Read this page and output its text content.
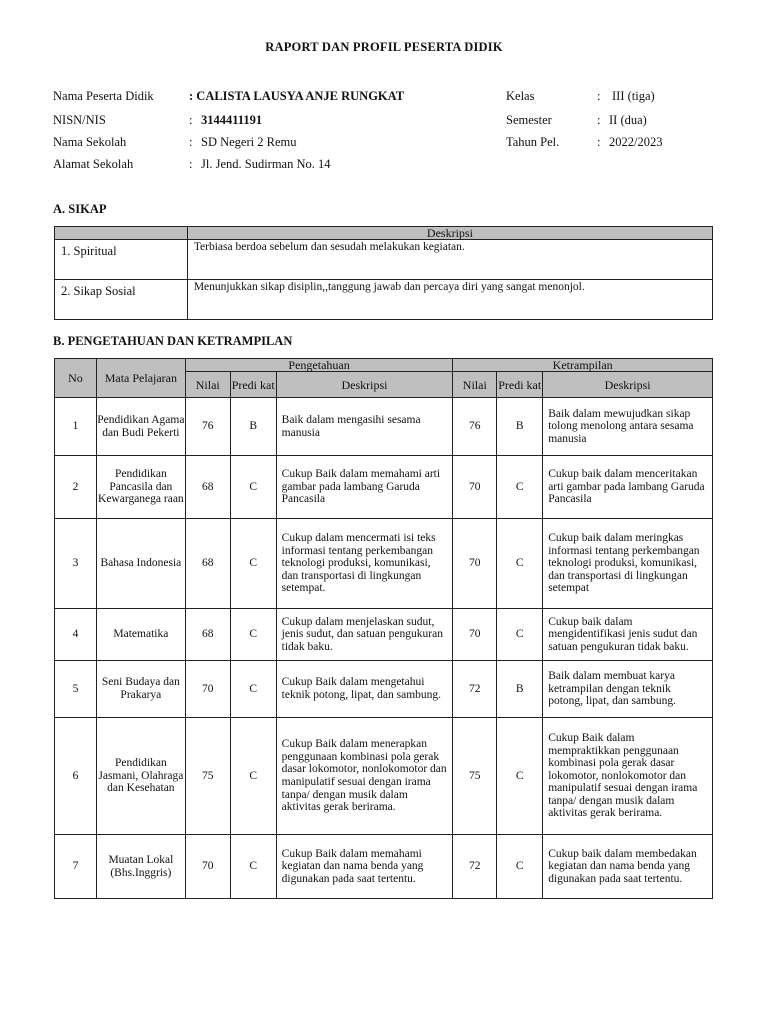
RAPORT DAN PROFIL PESERTA DIDIK
Nama Peserta Didik	: CALISTA LAUSYA ANJE RUNGKAT
NISN/NIS	: 3144411191
Nama Sekolah	: SD Negeri 2 Remu
Alamat Sekolah	: Jl. Jend. Sudirman No. 14
Kelas	: III (tiga)
Semester	: II (dua)
Tahun Pel.	: 2022/2023
A. SIKAP
	Deskripsi
1. Spiritual	Terbiasa berdoa sebelum dan sesudah melakukan kegiatan.
2. Sikap Sosial	Menunjukkan sikap disiplin,,tanggung jawab dan percaya diri yang sangat menonjol.
B. PENGETAHUAN DAN KETRAMPILAN
No	Mata Pelajaran	Pengetahuan			Ketrampilan		
		Nilai	Predi kat	Deskripsi	Nilai	Predi kat	Deskripsi
1	Pendidikan Agama dan Budi Pekerti	76	B	Baik dalam mengasihi sesama manusia	76	B	Baik dalam mewujudkan sikap tolong menolong antara sesama manusia
2	Pendidikan Pancasila dan Kewarganega raan	68	C	Cukup Baik dalam memahami arti gambar pada lambang Garuda Pancasila	70	C	Cukup baik dalam menceritakan arti gambar pada lambang Garuda Pancasila
3	Bahasa Indonesia	68	C	Cukup dalam mencermati isi teks informasi tentang perkembangan teknologi produksi, komunikasi, dan transportasi di lingkungan setempat.	70	C	Cukup baik dalam meringkas informasi tentang perkembangan teknologi produksi, komunikasi, dan transportasi di lingkungan setempat
4	Matematika	68	C	Cukup dalam menjelaskan sudut, jenis sudut, dan satuan pengukuran tidak baku.	70	C	Cukup baik dalam mengidentifikasi jenis sudut dan satuan pengukuran tidak baku.
5	Seni Budaya dan Prakarya	70	C	Cukup Baik dalam mengetahui teknik potong, lipat, dan sambung.	72	B	Baik dalam membuat karya ketrampilan dengan teknik potong, lipat, dan sambung.
6	Pendidikan Jasmani, Olahraga dan Kesehatan	75	C	Cukup Baik dalam menerapkan penggunaan kombinasi pola gerak dasar lokomotor, nonlokomotor dan manipulatif sesuai dengan irama tanpa/ dengan musik dalam aktivitas gerak berirama.	75	C	Cukup Baik dalam mempraktikkan penggunaan kombinasi pola gerak dasar lokomotor, nonlokomotor dan manipulatif sesuai dengan irama tanpa/ dengan musik dalam aktivitas gerak berirama.
7	Muatan Lokal (Bhs.Inggris)	70	C	Cukup Baik dalam memahami kegiatan dan nama benda yang digunakan pada saat tertentu.	72	C	Cukup baik dalam membedakan kegiatan dan nama benda yang digunakan pada saat tertentu.
